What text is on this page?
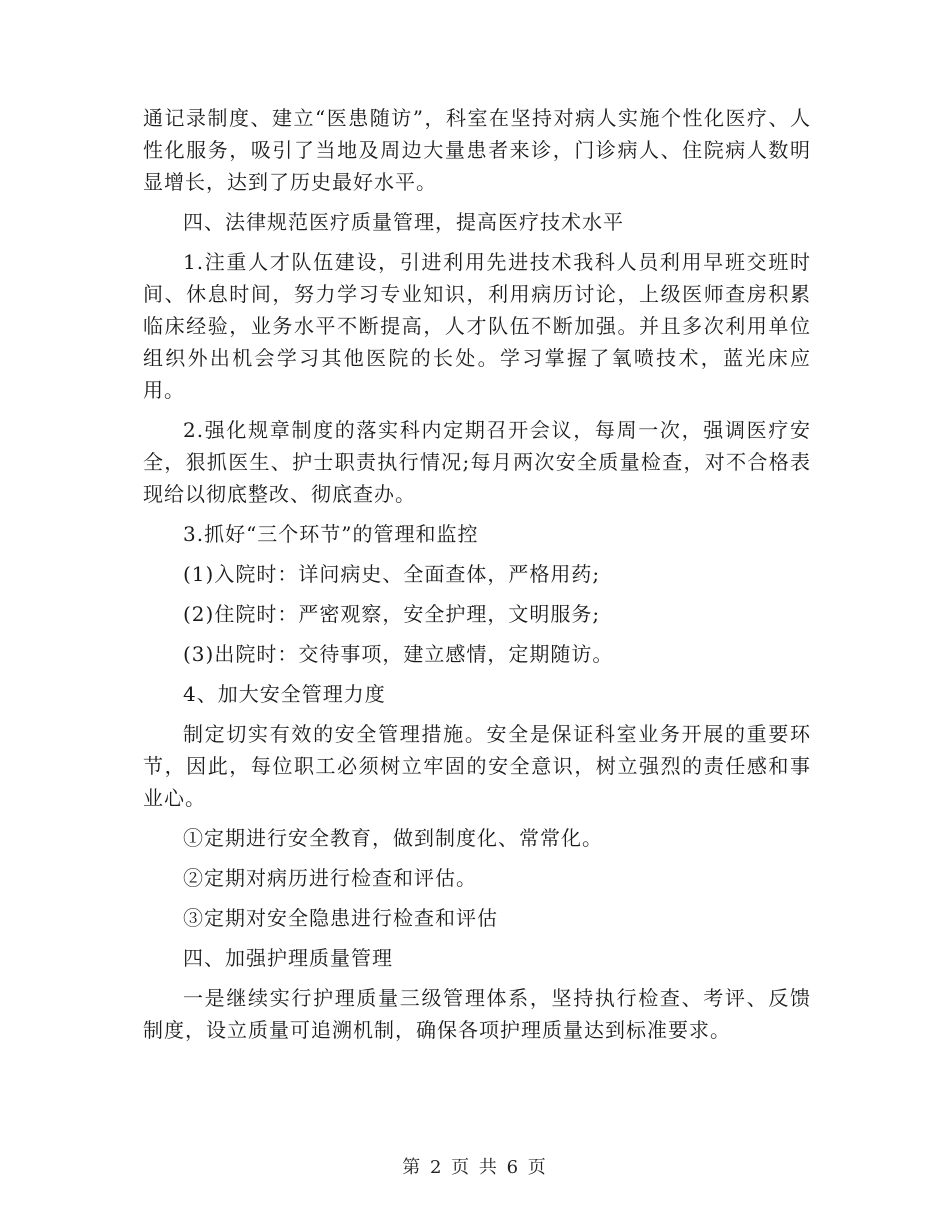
通记录制度、建立“医患随访”，科室在坚持对病人实施个性化医疗、人性化服务，吸引了当地及周边大量患者来诊，门诊病人、住院病人数明显增长，达到了历史最好水平。

四、法律规范医疗质量管理，提高医疗技术水平

1.注重人才队伍建设，引进利用先进技术我科人员利用早班交班时间、休息时间，努力学习专业知识，利用病历讨论，上级医师查房积累临床经验，业务水平不断提高，人才队伍不断加强。并且多次利用单位组织外出机会学习其他医院的长处。学习掌握了氧喷技术，蓝光床应用。

2.强化规章制度的落实科内定期召开会议，每周一次，强调医疗安全，狠抓医生、护士职责执行情况;每月两次安全质量检查，对不合格表现给以彻底整改、彻底查办。

3.抓好“三个环节”的管理和监控

(1)入院时：详问病史、全面查体，严格用药;

(2)住院时：严密观察，安全护理，文明服务;

(3)出院时：交待事项，建立感情，定期随访。

4、加大安全管理力度

制定切实有效的安全管理措施。安全是保证科室业务开展的重要环节，因此，每位职工必须树立牢固的安全意识，树立强烈的责任感和事业心。

①定期进行安全教育，做到制度化、常常化。

②定期对病历进行检查和评估。

③定期对安全隐患进行检查和评估

四、加强护理质量管理

一是继续实行护理质量三级管理体系，坚持执行检查、考评、反馈制度，设立质量可追溯机制，确保各项护理质量达到标准要求。

第 2 页 共 6 页
